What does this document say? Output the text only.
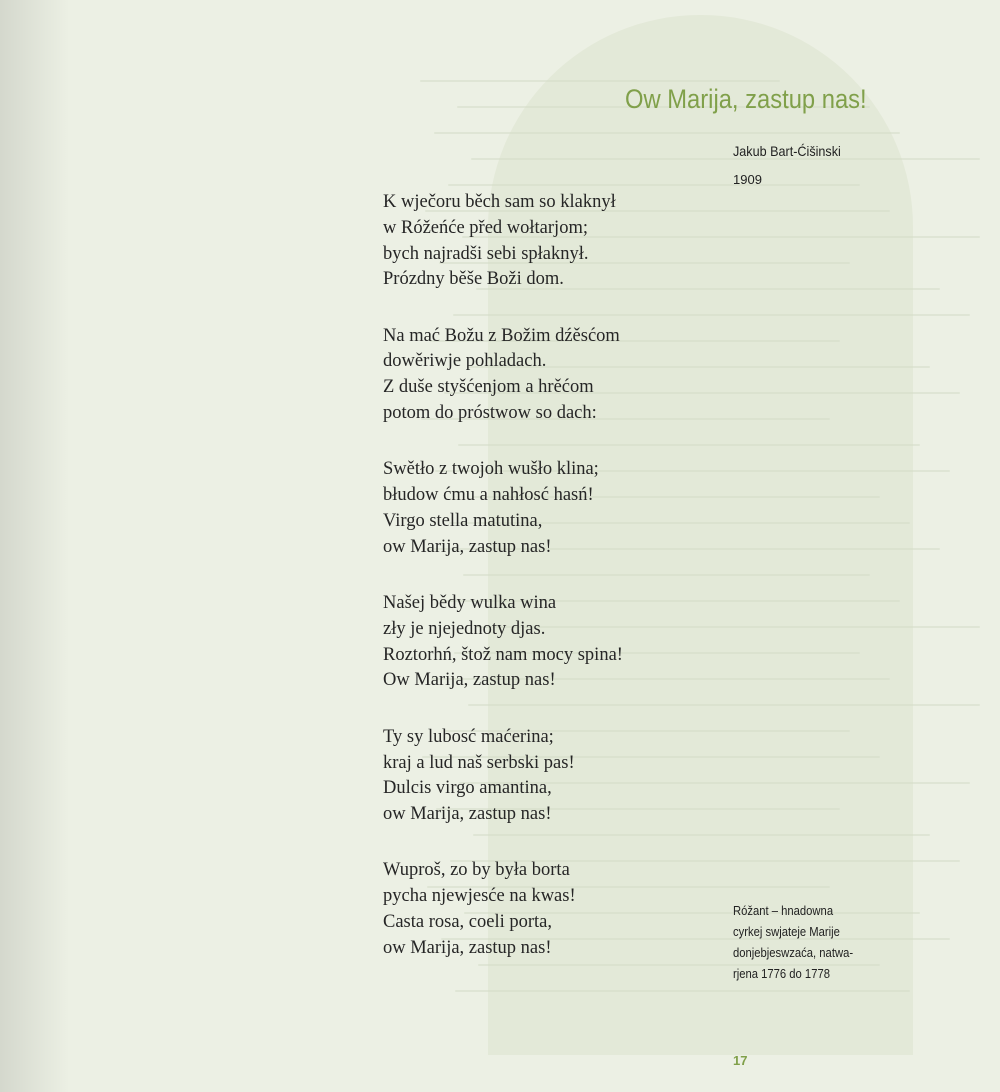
Ow Marija, zastup nas!
Jakub Bart-Ćišinski
1909
K wječoru běch sam so klaknył
w Róžeńće před wołtarjom;
bych najradši sebi spłaknył.
Prózdny běše Boži dom.
Na mać Božu z Božim dźěsćom
dowěriwje pohladach.
Z duše styšćenjom a hrěćom
potom do próstwow so dach:
Swětło z twojoh wušło klina;
błudow ćmu a nahłosć hasń!
Virgo stella matutina,
ow Marija, zastup nas!
Našej bědy wulka wina
zły je njejednoty djas.
Roztorhń, štož nam mocy spina!
Ow Marija, zastup nas!
Ty sy lubosć maćerina;
kraj a lud naš serbski pas!
Dulcis virgo amantina,
ow Marija, zastup nas!
Wuproš, zo by była borta
pycha njewjesće na kwas!
Casta rosa, coeli porta,
ow Marija, zastup nas!
Róžant – hnadowna
cyrkej swjateje Marije
donjebjeswzaća, natwa-
rjena 1776 do 1778
17
